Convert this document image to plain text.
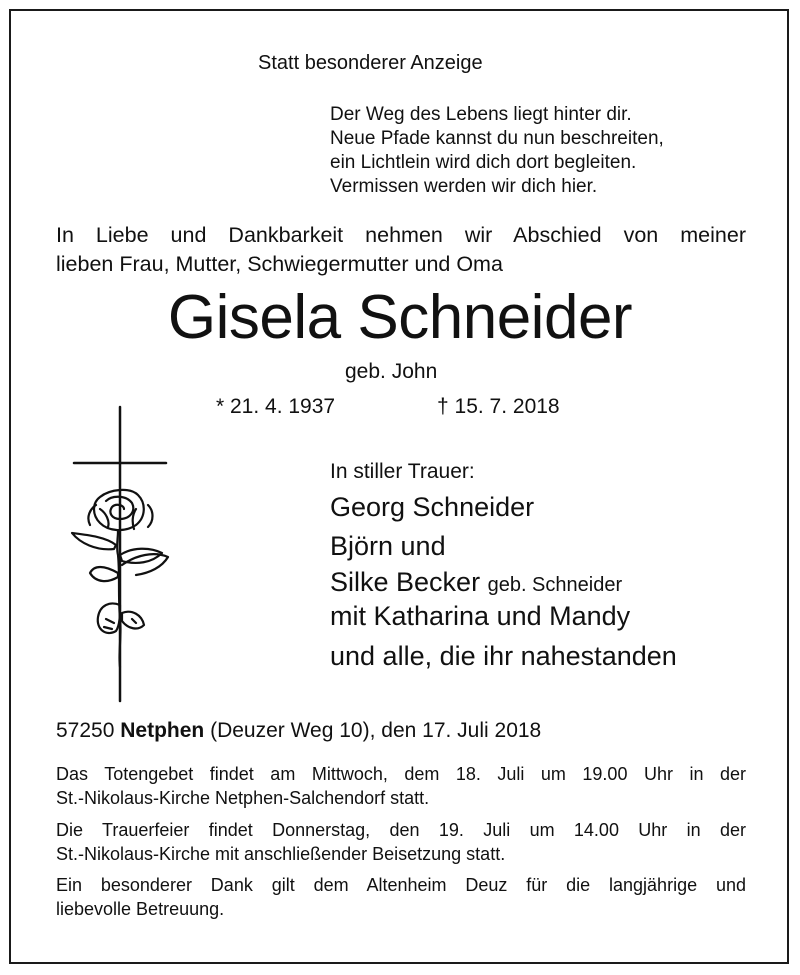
Statt besonderer Anzeige
Der Weg des Lebens liegt hinter dir.
Neue Pfade kannst du nun beschreiten,
ein Lichtlein wird dich dort begleiten.
Vermissen werden wir dich hier.
In Liebe und Dankbarkeit nehmen wir Abschied von meiner
lieben Frau, Mutter, Schwiegermutter und Oma
Gisela Schneider
geb. John
* 21. 4. 1937	† 15. 7. 2018
In stiller Trauer:
Georg Schneider
Björn und
Silke Becker geb. Schneider
mit Katharina und Mandy
und alle, die ihr nahestanden
57250 Netphen (Deuzer Weg 10), den 17. Juli 2018
Das Totengebet findet am Mittwoch, dem 18. Juli um 19.00 Uhr in der
St.-Nikolaus-Kirche Netphen-Salchendorf statt.
Die Trauerfeier findet Donnerstag, den 19. Juli um 14.00 Uhr in der
St.-Nikolaus-Kirche mit anschließender Beisetzung statt.
Ein besonderer Dank gilt dem Altenheim Deuz für die langjährige und
liebevolle Betreuung.
